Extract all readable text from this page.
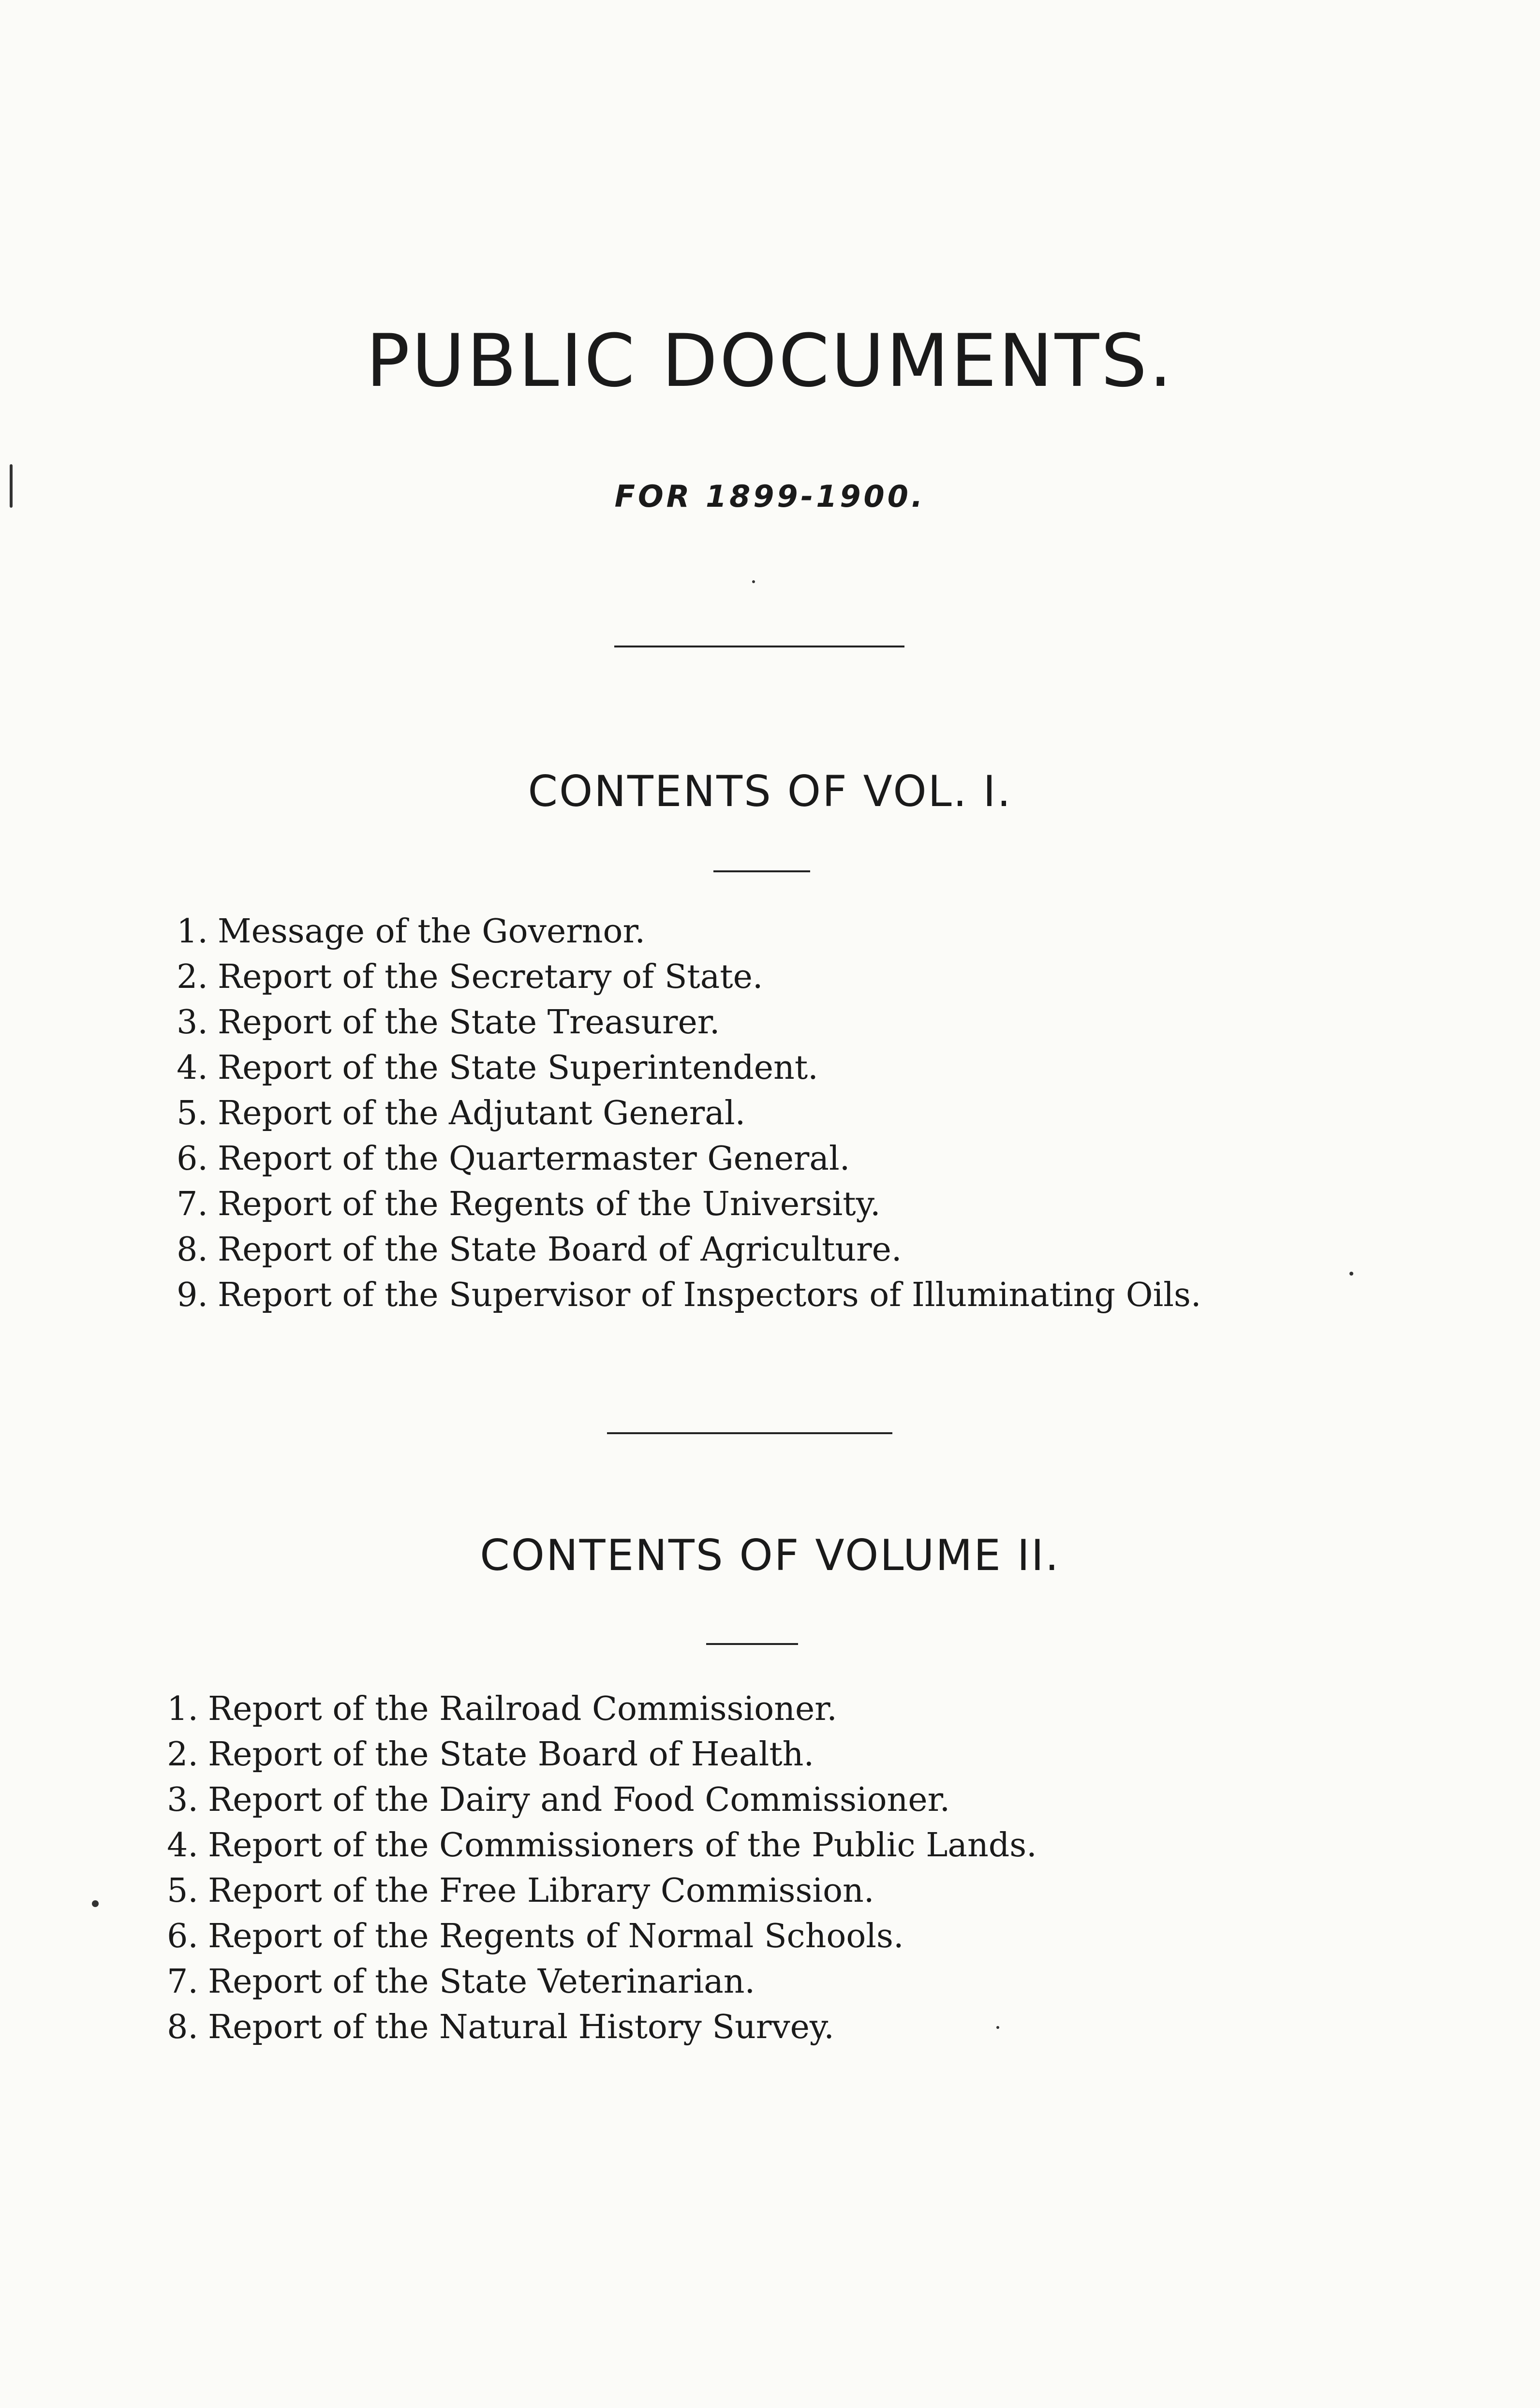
PUBLIC DOCUMENTS.
FOR 1899-1900.
CONTENTS OF VOL. I.
1. Message of the Governor.
2. Report of the Secretary of State.
3. Report of the State Treasurer.
4. Report of the State Superintendent.
5. Report of the Adjutant General.
6. Report of the Quartermaster General.
7. Report of the Regents of the University.
8. Report of the State Board of Agriculture.
9. Report of the Supervisor of Inspectors of Illuminating Oils.
CONTENTS OF VOLUME II.
1. Report of the Railroad Commissioner.
2. Report of the State Board of Health.
3. Report of the Dairy and Food Commissioner.
4. Report of the Commissioners of the Public Lands.
5. Report of the Free Library Commission.
6. Report of the Regents of Normal Schools.
7. Report of the State Veterinarian.
8. Report of the Natural History Survey.
